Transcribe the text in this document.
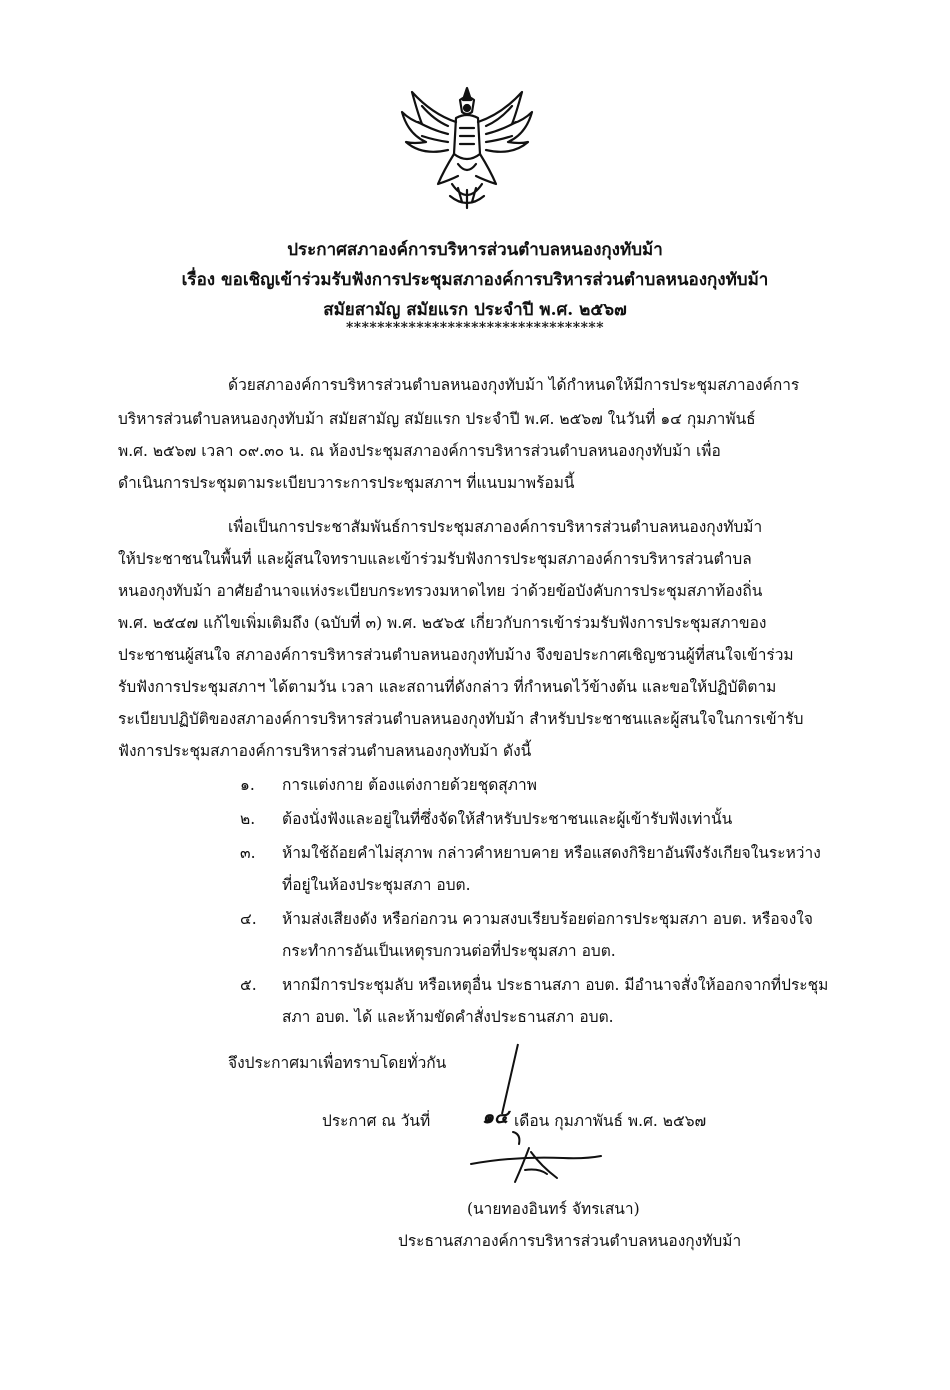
ประกาศสภาองค์การบริหารส่วนตำบลหนองกุงทับม้า
เรื่อง ขอเชิญเข้าร่วมรับฟังการประชุมสภาองค์การบริหารส่วนตำบลหนองกุงทับม้า
สมัยสามัญ สมัยแรก ประจำปี พ.ศ. ๒๕๖๗
*********************************
ด้วยสภาองค์การบริหารส่วนตำบลหนองกุงทับม้า ได้กำหนดให้มีการประชุมสภาองค์การ
บริหารส่วนตำบลหนองกุงทับม้า สมัยสามัญ สมัยแรก ประจำปี พ.ศ. ๒๕๖๗ ในวันที่ ๑๔ กุมภาพันธ์
พ.ศ. ๒๕๖๗ เวลา ๐๙.๓๐ น. ณ ห้องประชุมสภาองค์การบริหารส่วนตำบลหนองกุงทับม้า เพื่อ
ดำเนินการประชุมตามระเบียบวาระการประชุมสภาฯ ที่แนบมาพร้อมนี้
เพื่อเป็นการประชาสัมพันธ์การประชุมสภาองค์การบริหารส่วนตำบลหนองกุงทับม้า
ให้ประชาชนในพื้นที่ และผู้สนใจทราบและเข้าร่วมรับฟังการประชุมสภาองค์การบริหารส่วนตำบล
หนองกุงทับม้า อาศัยอำนาจแห่งระเบียบกระทรวงมหาดไทย ว่าด้วยข้อบังคับการประชุมสภาท้องถิ่น
พ.ศ. ๒๕๔๗ แก้ไขเพิ่มเติมถึง (ฉบับที่ ๓) พ.ศ. ๒๕๖๕ เกี่ยวกับการเข้าร่วมรับฟังการประชุมสภาของ
ประชาชนผู้สนใจ สภาองค์การบริหารส่วนตำบลหนองกุงทับม้าง จึงขอประกาศเชิญชวนผู้ที่สนใจเข้าร่วม
รับฟังการประชุมสภาฯ ได้ตามวัน เวลา และสถานที่ดังกล่าว ที่กำหนดไว้ข้างต้น และขอให้ปฏิบัติตาม
ระเบียบปฏิบัติของสภาองค์การบริหารส่วนตำบลหนองกุงทับม้า สำหรับประชาชนและผู้สนใจในการเข้ารับ
ฟังการประชุมสภาองค์การบริหารส่วนตำบลหนองกุงทับม้า ดังนี้
๑. การแต่งกาย ต้องแต่งกายด้วยชุดสุภาพ
๒. ต้องนั่งฟังและอยู่ในที่ซึ่งจัดให้สำหรับประชาชนและผู้เข้ารับฟังเท่านั้น
๓. ห้ามใช้ถ้อยคำไม่สุภาพ กล่าวคำหยาบคาย หรือแสดงกิริยาอันพึงรังเกียจในระหว่าง
ที่อยู่ในห้องประชุมสภา อบต.
๔. ห้ามส่งเสียงดัง หรือก่อกวน ความสงบเรียบร้อยต่อการประชุมสภา อบต. หรือจงใจ
กระทำการอันเป็นเหตุรบกวนต่อที่ประชุมสภา อบต.
๕. หากมีการประชุมลับ หรือเหตุอื่น ประธานสภา อบต. มีอำนาจสั่งให้ออกจากที่ประชุม
สภา อบต. ได้ และห้ามขัดคำสั่งประธานสภา อบต.
จึงประกาศมาเพื่อทราบโดยทั่วกัน
ประกาศ ณ วันที่	๑๔ เดือน กุมภาพันธ์ พ.ศ. ๒๕๖๗
(นายทองอินทร์ จัทรเสนา)
ประธานสภาองค์การบริหารส่วนตำบลหนองกุงทับม้า
